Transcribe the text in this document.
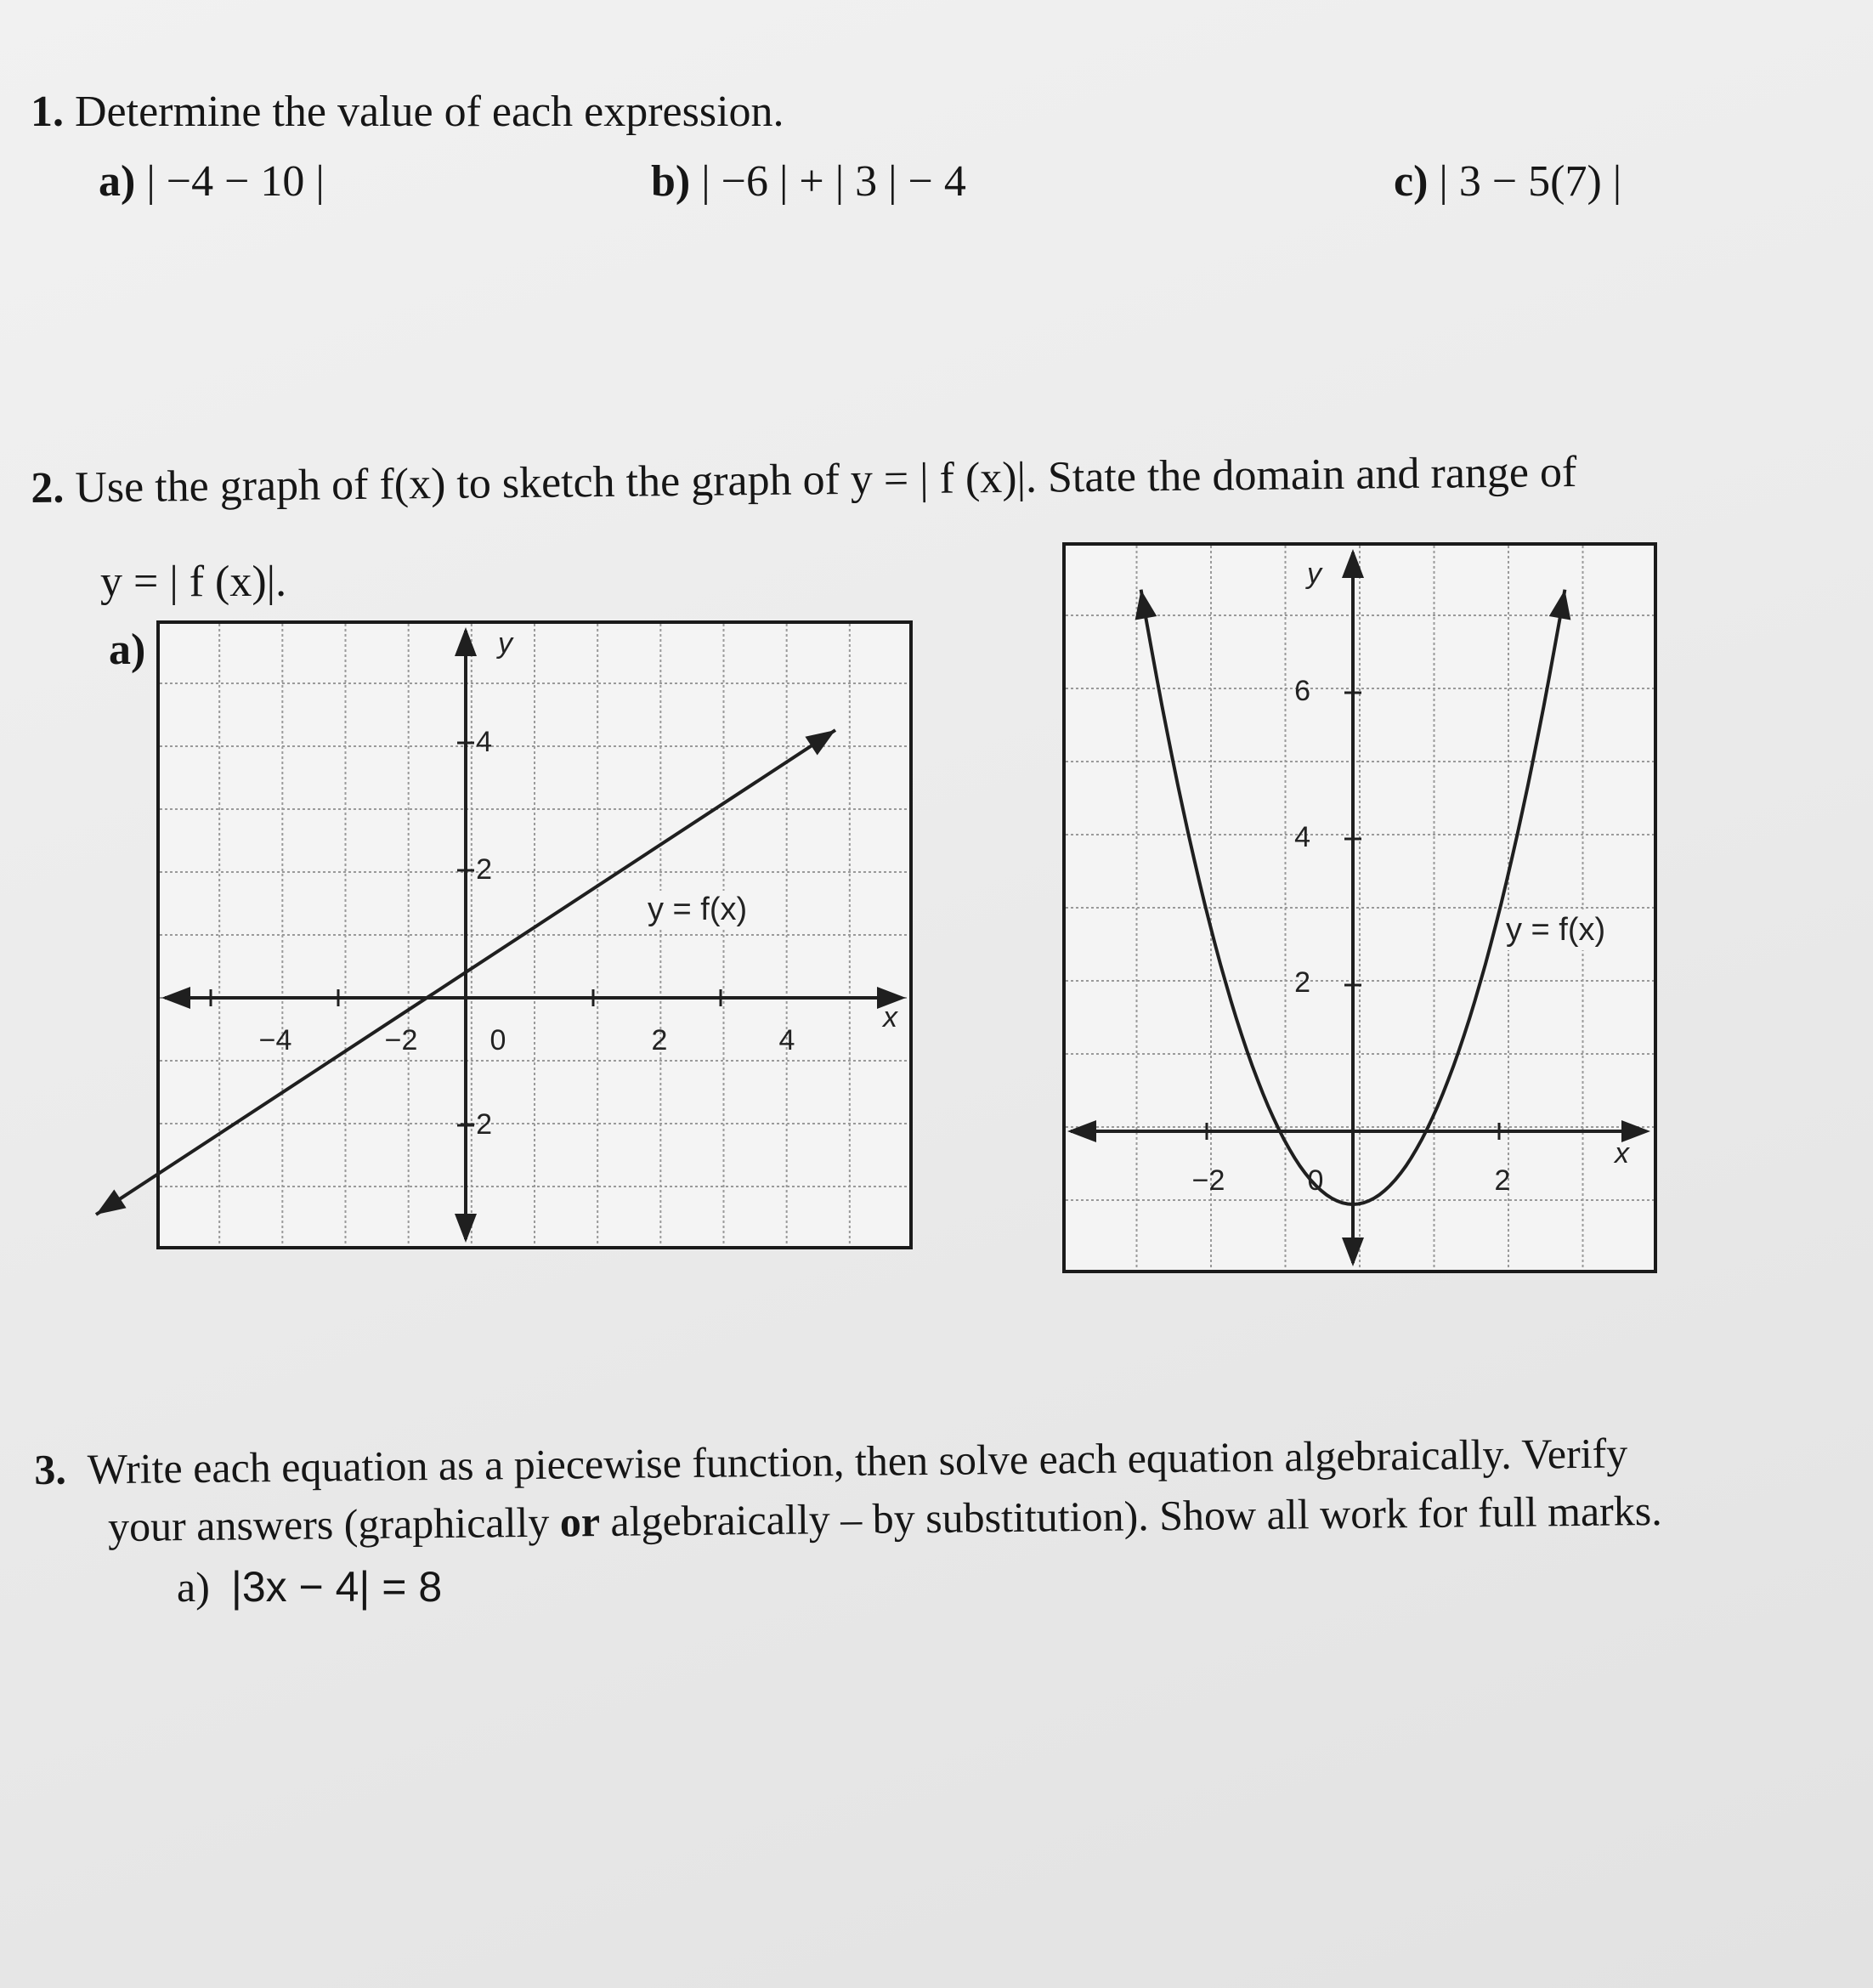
1. Determine the value of each expression.
a) | −4 − 10 |	b) | −6 | + | 3 | − 4	c) | 3 − 5(7) |
2. Use the graph of f(x) to sketch the graph of y = | f (x)|. State the domain and range of
y = | f (x)|.
a)
x
y
−4	−2	0	2	4
4
2
−2
y = f(x)
x
y
−2	0	2
6
4
2
y = f(x)
3. Write each equation as a piecewise function, then solve each equation algebraically. Verify
your answers (graphically or algebraically – by substitution). Show all work for full marks.
a) |3x − 4| = 8
